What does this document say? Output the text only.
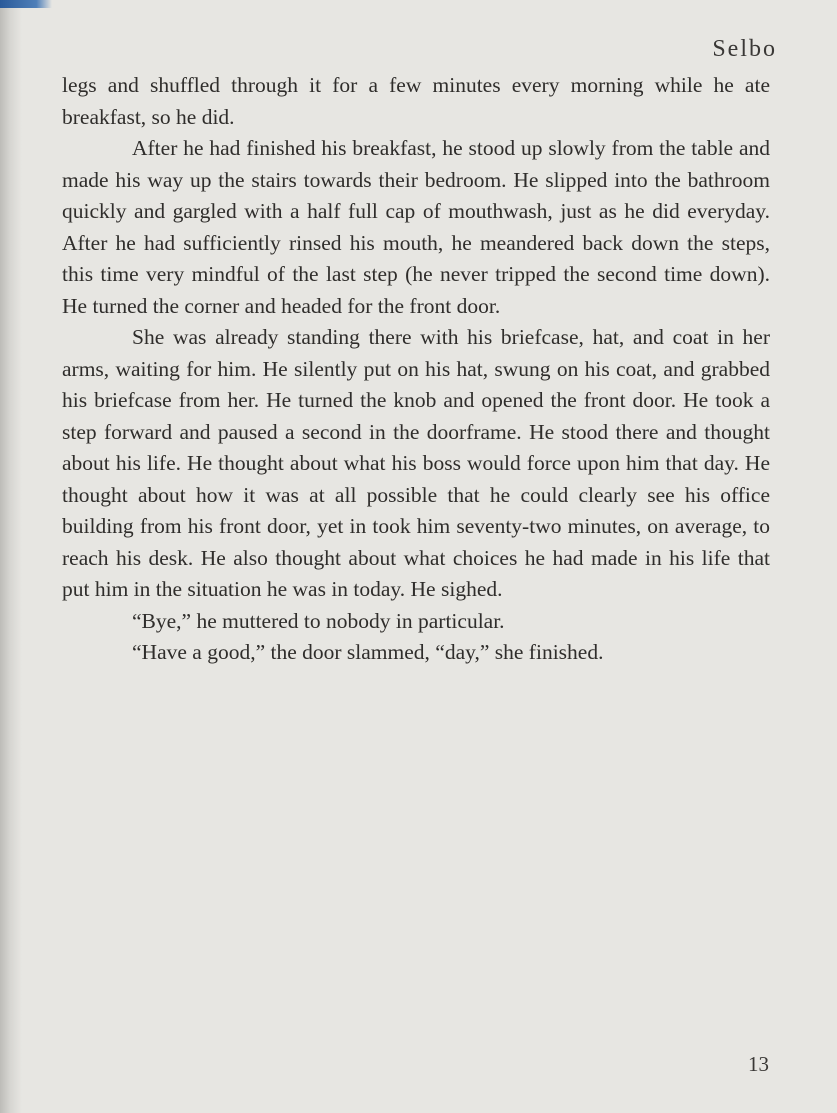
Selbo

legs and shuffled through it for a few minutes every morning while he ate breakfast, so he did.

After he had finished his breakfast, he stood up slowly from the table and made his way up the stairs towards their bedroom. He slipped into the bathroom quickly and gargled with a half full cap of mouthwash, just as he did everyday. After he had sufficiently rinsed his mouth, he meandered back down the steps, this time very mindful of the last step (he never tripped the second time down). He turned the corner and headed for the front door.

She was already standing there with his briefcase, hat, and coat in her arms, waiting for him. He silently put on his hat, swung on his coat, and grabbed his briefcase from her. He turned the knob and opened the front door. He took a step forward and paused a second in the doorframe. He stood there and thought about his life. He thought about what his boss would force upon him that day. He thought about how it was at all possible that he could clearly see his office building from his front door, yet in took him seventy-two minutes, on average, to reach his desk. He also thought about what choices he had made in his life that put him in the situation he was in today. He sighed.

“Bye,” he muttered to nobody in particular.

“Have a good,” the door slammed, “day,” she finished.

13
